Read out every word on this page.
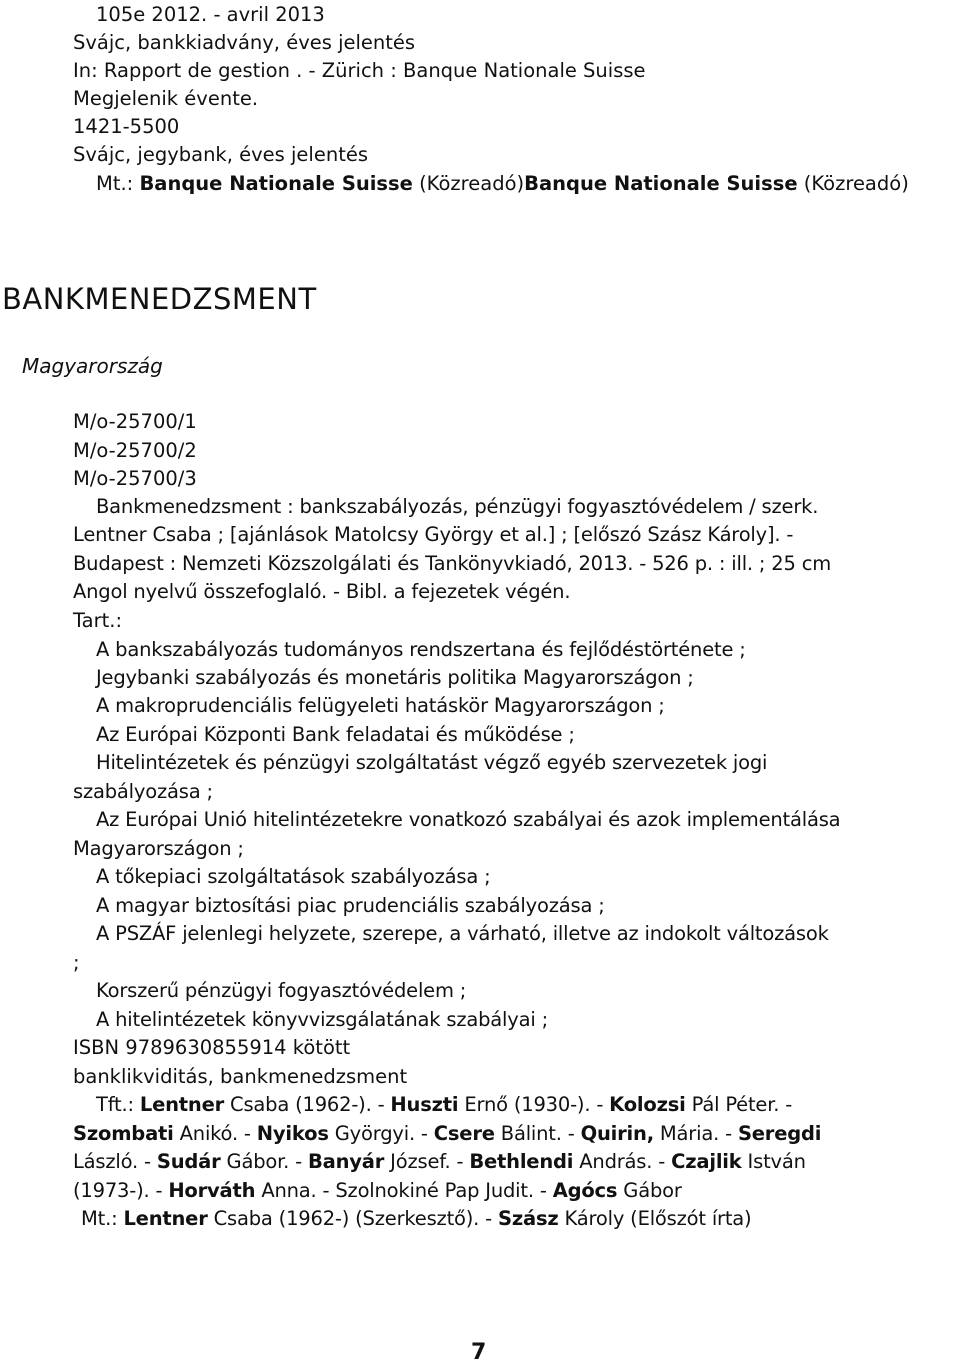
105e 2012. - avril 2013
Svájc, bankkiadvány, éves jelentés
In: Rapport de gestion . - Zürich : Banque Nationale Suisse
Megjelenik évente.
1421-5500
Svájc, jegybank, éves jelentés
Mt.: Banque Nationale Suisse (Közreadó)Banque Nationale Suisse (Közreadó)
BANKMENEDZSMENT
Magyarország
M/o-25700/1
M/o-25700/2
M/o-25700/3
Bankmenedzsment : bankszabályozás, pénzügyi fogyasztóvédelem / szerk.
Lentner Csaba ; [ajánlások Matolcsy György et al.] ; [előszó Szász Károly]. -
Budapest : Nemzeti Közszolgálati és Tankönyvkiadó, 2013. - 526 p. : ill. ; 25 cm
Angol nyelvű összefoglaló. - Bibl. a fejezetek végén.
Tart.:
A bankszabályozás tudományos rendszertana és fejlődéstörténete ;
Jegybanki szabályozás és monetáris politika Magyarországon ;
A makroprudenciális felügyeleti hatáskör Magyarországon ;
Az Európai Központi Bank feladatai és működése ;
Hitelintézetek és pénzügyi szolgáltatást végző egyéb szervezetek jogi
szabályozása ;
Az Európai Unió hitelintézetekre vonatkozó szabályai és azok implementálása
Magyarországon ;
A tőkepiaci szolgáltatások szabályozása ;
A magyar biztosítási piac prudenciális szabályozása ;
A PSZÁF jelenlegi helyzete, szerepe, a várható, illetve az indokolt változások
;
Korszerű pénzügyi fogyasztóvédelem ;
A hitelintézetek könyvvizsgálatának szabályai ;
ISBN 9789630855914 kötött
banklikviditás, bankmenedzsment
Tft.: Lentner Csaba (1962-). - Huszti Ernő (1930-). - Kolozsi Pál Péter. -
Szombati Anikó. - Nyikos Györgyi. - Csere Bálint. - Quirin, Mária. - Seregdi
László. - Sudár Gábor. - Banyár József. - Bethlendi András. - Czajlik István
(1973-). - Horváth Anna. - Szolnokiné Pap Judit. - Agócs Gábor
Mt.: Lentner Csaba (1962-) (Szerkesztő). - Szász Károly (Előszót írta)
7
